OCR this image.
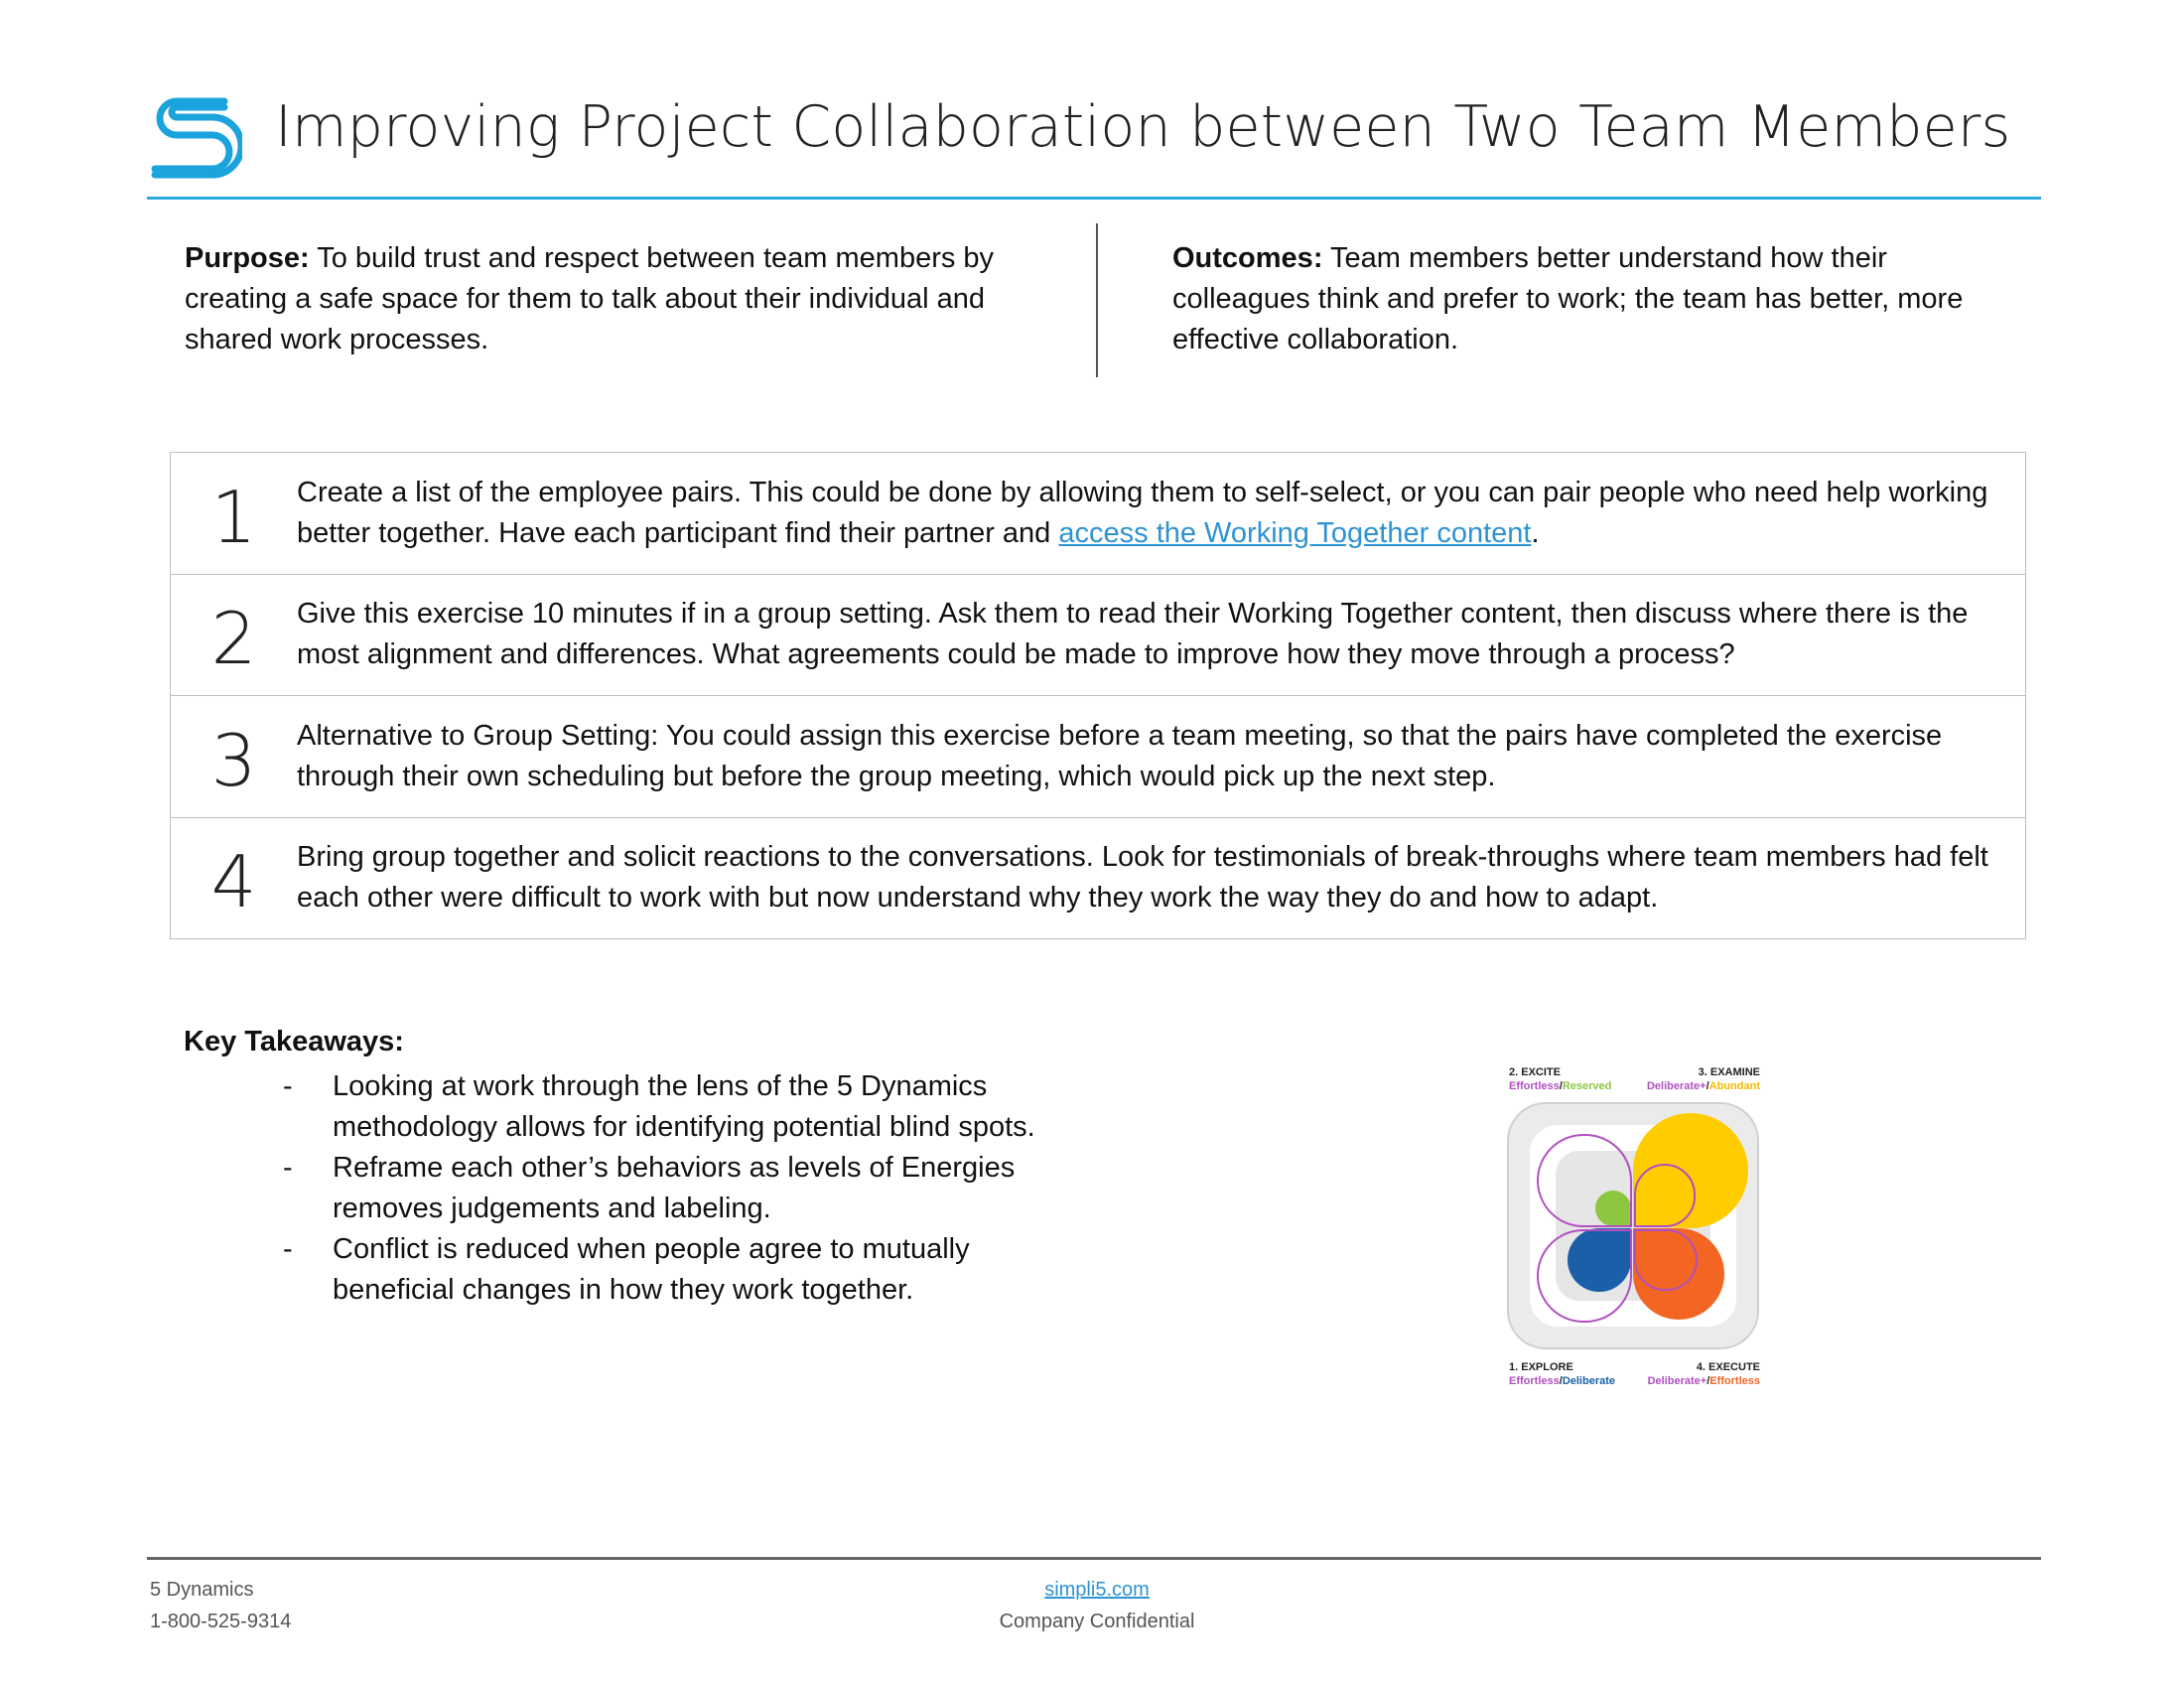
Improving Project Collaboration between Two Team Members
Purpose: To build trust and respect between team members by creating a safe space for them to talk about their individual and shared work processes.
Outcomes: Team members better understand how their colleagues think and prefer to work; the team has better, more effective collaboration.
1	Create a list of the employee pairs. This could be done by allowing them to self-select, or you can pair people who need help working better together. Have each participant find their partner and access the Working Together content.
2	Give this exercise 10 minutes if in a group setting. Ask them to read their Working Together content, then discuss where there is the most alignment and differences. What agreements could be made to improve how they move through a process?
3	Alternative to Group Setting: You could assign this exercise before a team meeting, so that the pairs have completed the exercise through their own scheduling but before the group meeting, which would pick up the next step.
4	Bring group together and solicit reactions to the conversations. Look for testimonials of break-throughs where team members had felt each other were difficult to work with but now understand why they work the way they do and how to adapt.
Key Takeaways:
- Looking at work through the lens of the 5 Dynamics methodology allows for identifying potential blind spots.
- Reframe each other’s behaviors as levels of Energies removes judgements and labeling.
- Conflict is reduced when people agree to mutually beneficial changes in how they work together.
2. EXCITE
Effortless/Reserved
3. EXAMINE
Deliberate+/Abundant
1. EXPLORE
Effortless/Deliberate
4. EXECUTE
Deliberate+/Effortless
5 Dynamics
1-800-525-9314
simpli5.com
Company Confidential
